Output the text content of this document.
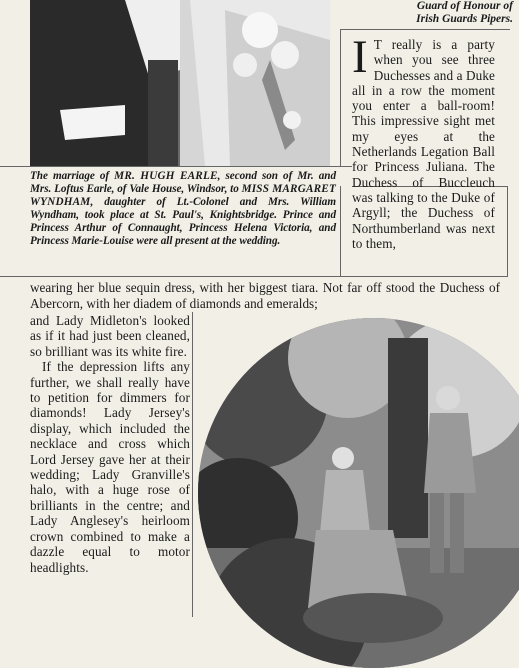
Guard of Honour of
Irish Guards Pipers.
The marriage of MR. HUGH EARLE, second son of Mr. and Mrs. Loftus Earle, of Vale House, Windsor, to MISS MARGARET WYNDHAM, daughter of Lt.-Colonel and Mrs. William Wyndham, took place at St. Paul's, Knightsbridge. Prince and Princess Arthur of Connaught, Princess Helena Victoria, and Princess Marie-Louise were all present at the wedding.
I T really is a party when you see three Duchesses and a Duke all in a row the moment you enter a ball-room! This impressive sight met my eyes at the Netherlands Legation Ball for Princess Juliana. The Duchess of Buccleuch was talking to the Duke of Argyll; the Duchess of Northumberland was next to them,
wearing her blue sequin dress, with her biggest tiara. Not far off stood the Duchess of Abercorn, with her diadem of diamonds and emeralds;

and Lady Midleton's looked as if it had just been cleaned, so brilliant was its white fire.

If the depression lifts any further, we shall really have to petition for dimmers for diamonds! Lady Jersey's display, which included the necklace and cross which Lord Jersey gave her at their wedding; Lady Granville's halo, with a huge rose of brilliants in the centre; and Lady Anglesey's heirloom crown combined to make a dazzle equal to motor headlights.
